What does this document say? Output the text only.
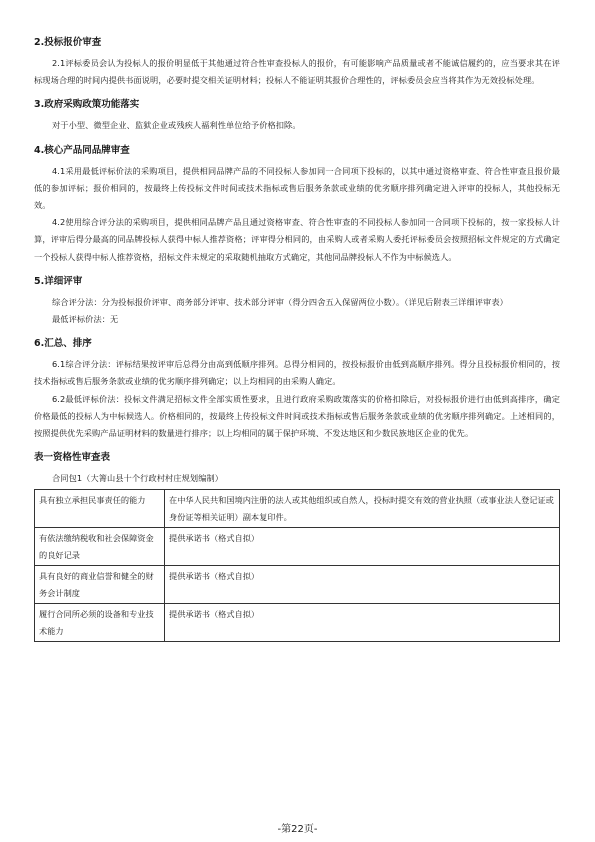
2.投标报价审查

2.1评标委员会认为投标人的报价明显低于其他通过符合性审查投标人的报价，有可能影响产品质量或者不能诚信履约的，应当要求其在评标现场合理的时间内提供书面说明，必要时提交相关证明材料；投标人不能证明其报价合理性的，评标委员会应当将其作为无效投标处理。

3.政府采购政策功能落实

对于小型、微型企业、监狱企业或残疾人福利性单位给予价格扣除。

4.核心产品同品牌审查

4.1采用最低评标价法的采购项目，提供相同品牌产品的不同投标人参加同一合同项下投标的，以其中通过资格审查、符合性审查且报价最低的参加评标；报价相同的，按最终上传投标文件时间或技术指标或售后服务条款或业绩的优劣顺序排列确定进入评审的投标人，其他投标无效。

4.2使用综合评分法的采购项目，提供相同品牌产品且通过资格审查、符合性审查的不同投标人参加同一合同项下投标的，按一家投标人计算，评审后得分最高的同品牌投标人获得中标人推荐资格；评审得分相同的，由采购人或者采购人委托评标委员会按照招标文件规定的方式确定一个投标人获得中标人推荐资格，招标文件未规定的采取随机抽取方式确定，其他同品牌投标人不作为中标候选人。

5.详细评审

综合评分法：分为投标报价评审、商务部分评审、技术部分评审（得分四舍五入保留两位小数）。（详见后附表三详细评审表）

最低评标价法：无

6.汇总、排序

6.1综合评分法：评标结果按评审后总得分由高到低顺序排列。总得分相同的，按投标报价由低到高顺序排列。得分且投标报价相同的，按技术指标或售后服务条款或业绩的优劣顺序排列确定；以上均相同的由采购人确定。

6.2最低评标价法：投标文件满足招标文件全部实质性要求，且进行政府采购政策落实的价格扣除后，对投标报价进行由低到高排序，确定价格最低的投标人为中标候选人。价格相同的，按最终上传投标文件时间或技术指标或售后服务条款或业绩的优劣顺序排列确定。上述相同的，按照提供优先采购产品证明材料的数量进行排序；以上均相同的属于保护环境、不发达地区和少数民族地区企业的优先。

表一资格性审查表

合同包1（大箐山县十个行政村村庄规划编制）

具有独立承担民事责任的能力	在中华人民共和国境内注册的法人或其他组织或自然人，投标时提交有效的营业执照（或事业法人登记证或身份证等相关证明）副本复印件。
有依法缴纳税收和社会保障资金的良好记录	提供承诺书（格式自拟）
具有良好的商业信誉和健全的财务会计制度	提供承诺书（格式自拟）
履行合同所必须的设备和专业技术能力	提供承诺书（格式自拟）
-第22页-
